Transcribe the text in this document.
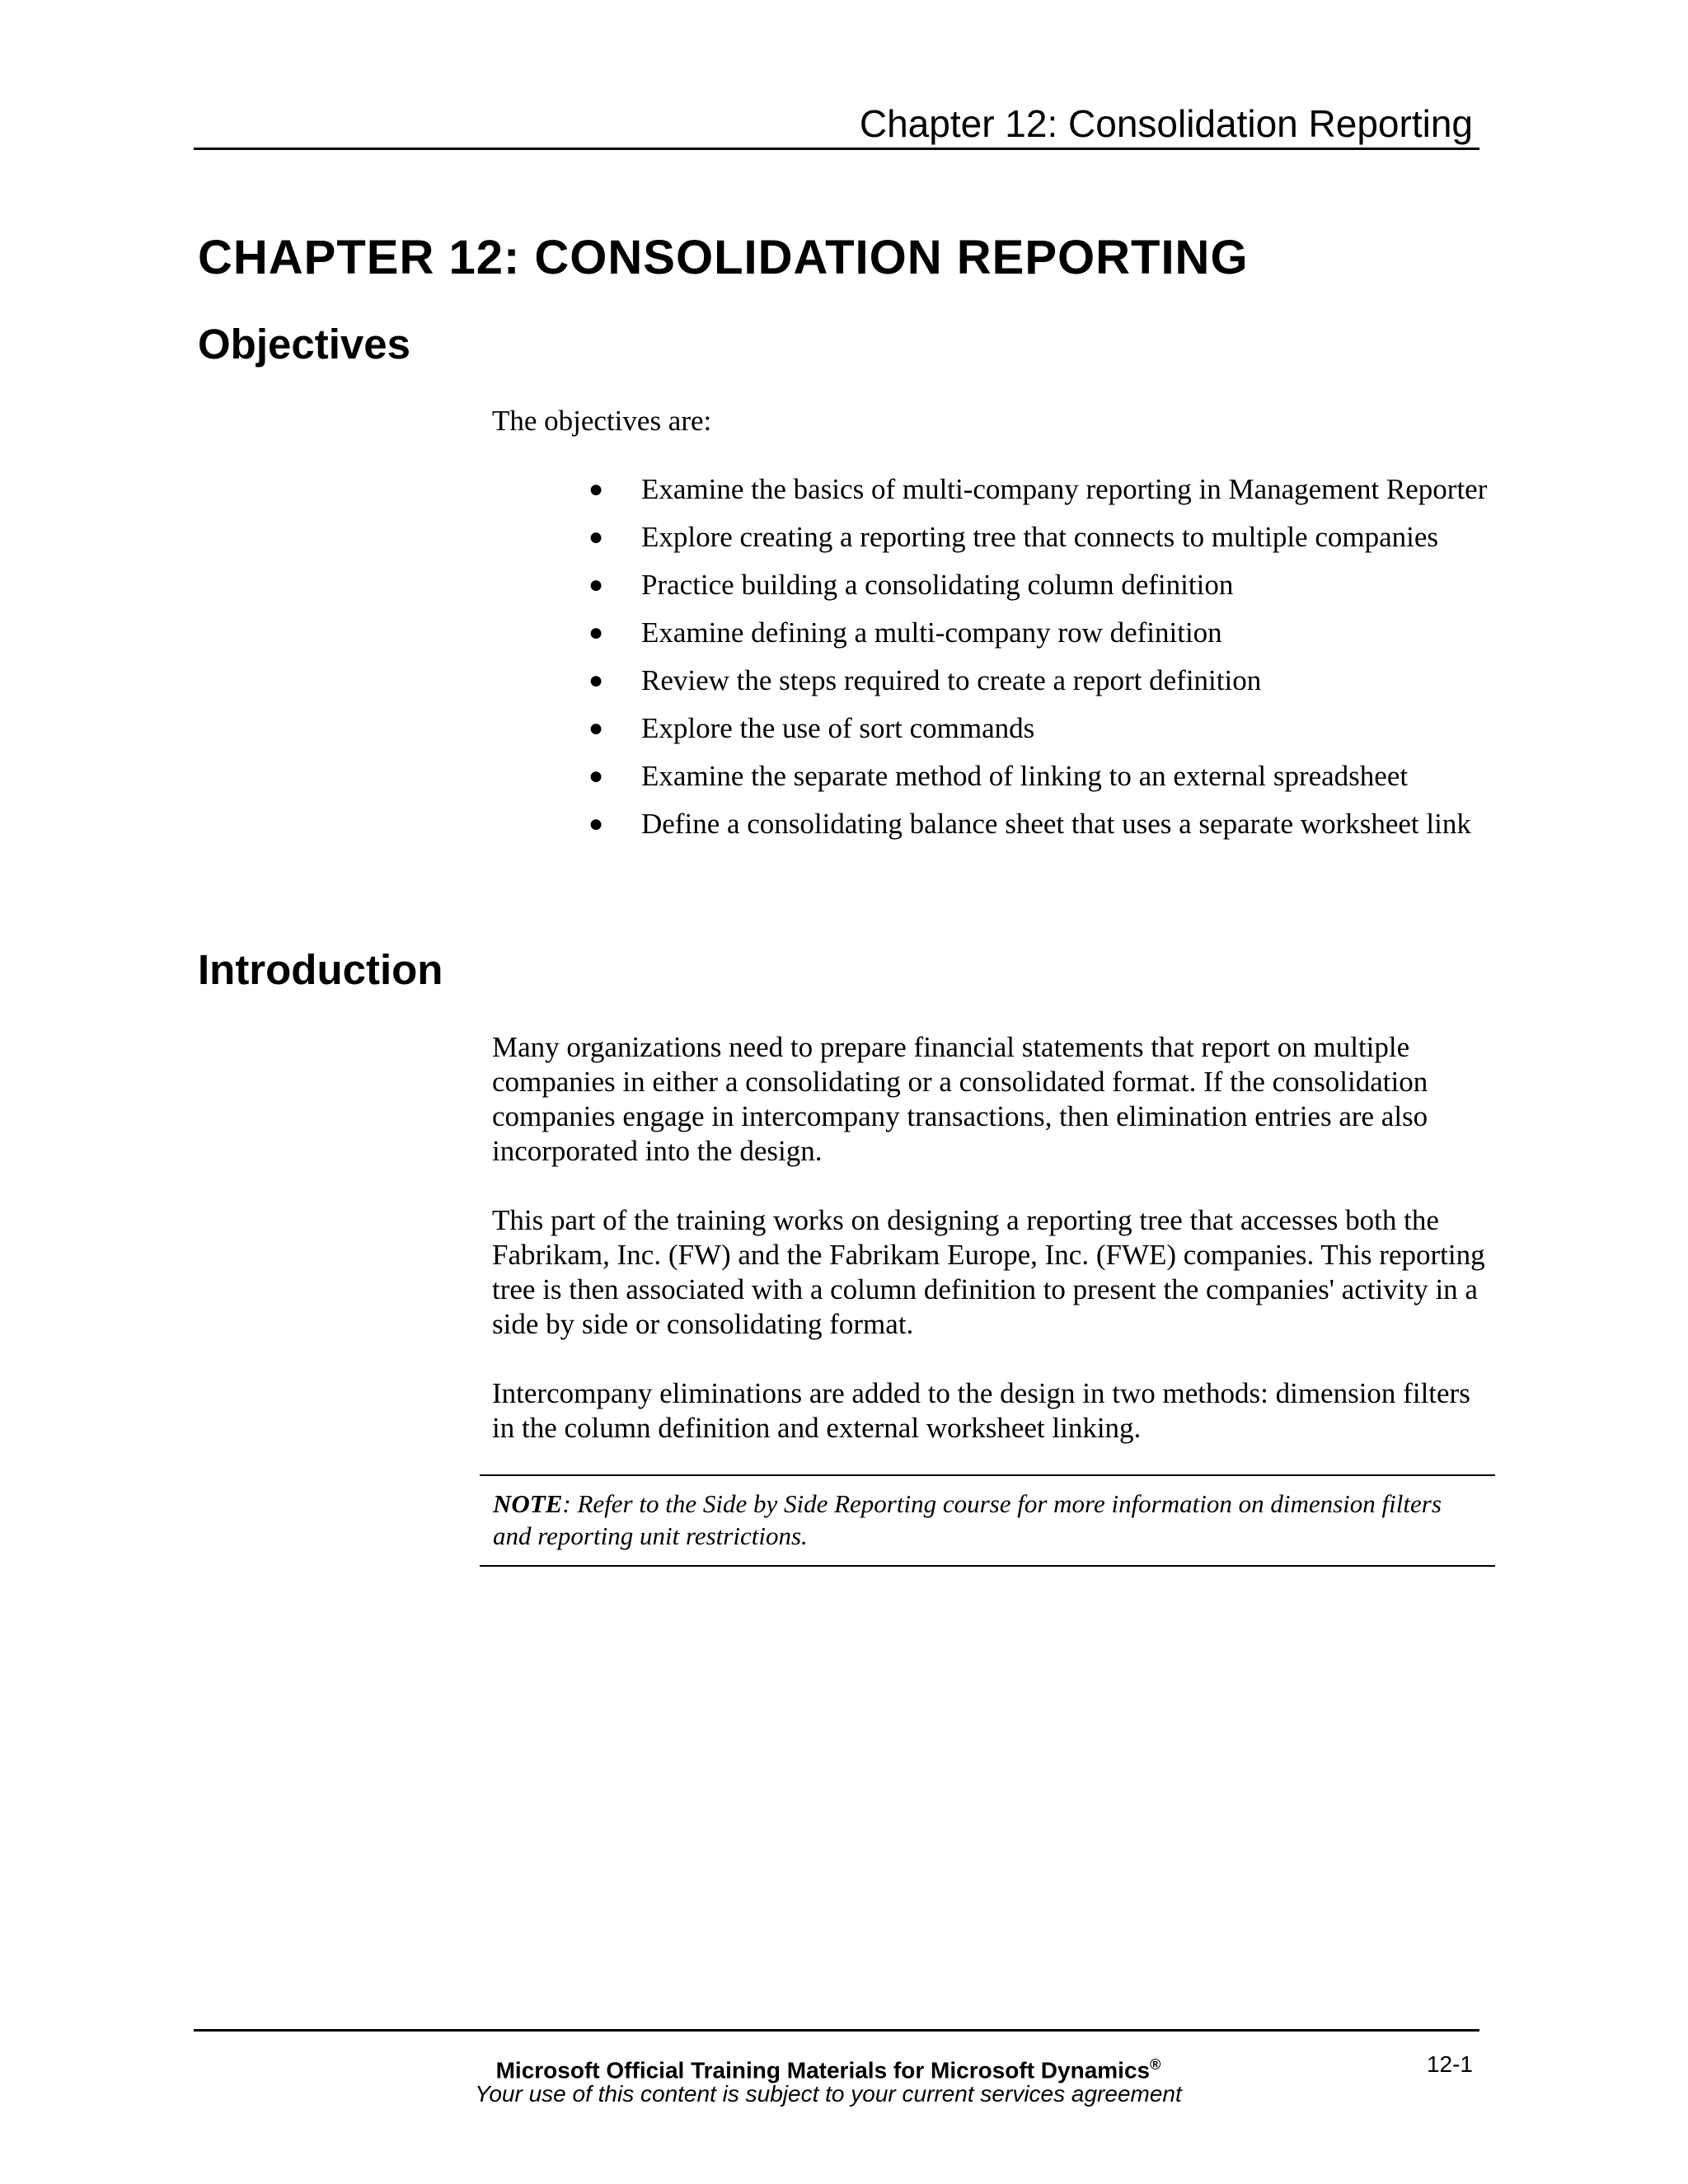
Chapter 12: Consolidation Reporting
CHAPTER 12: CONSOLIDATION REPORTING
Objectives

The objectives are:

● Examine the basics of multi-company reporting in Management Reporter
● Explore creating a reporting tree that connects to multiple companies
● Practice building a consolidating column definition
● Examine defining a multi-company row definition
● Review the steps required to create a report definition
● Explore the use of sort commands
● Examine the separate method of linking to an external spreadsheet
● Define a consolidating balance sheet that uses a separate worksheet link
Introduction

Many organizations need to prepare financial statements that report on multiple companies in either a consolidating or a consolidated format. If the consolidation companies engage in intercompany transactions, then elimination entries are also incorporated into the design.

This part of the training works on designing a reporting tree that accesses both the Fabrikam, Inc. (FW) and the Fabrikam Europe, Inc. (FWE) companies. This reporting tree is then associated with a column definition to present the companies' activity in a side by side or consolidating format.

Intercompany eliminations are added to the design in two methods: dimension filters in the column definition and external worksheet linking.

NOTE: Refer to the Side by Side Reporting course for more information on dimension filters and reporting unit restrictions.
Microsoft Official Training Materials for Microsoft Dynamics®
Your use of this content is subject to your current services agreement
12-1
